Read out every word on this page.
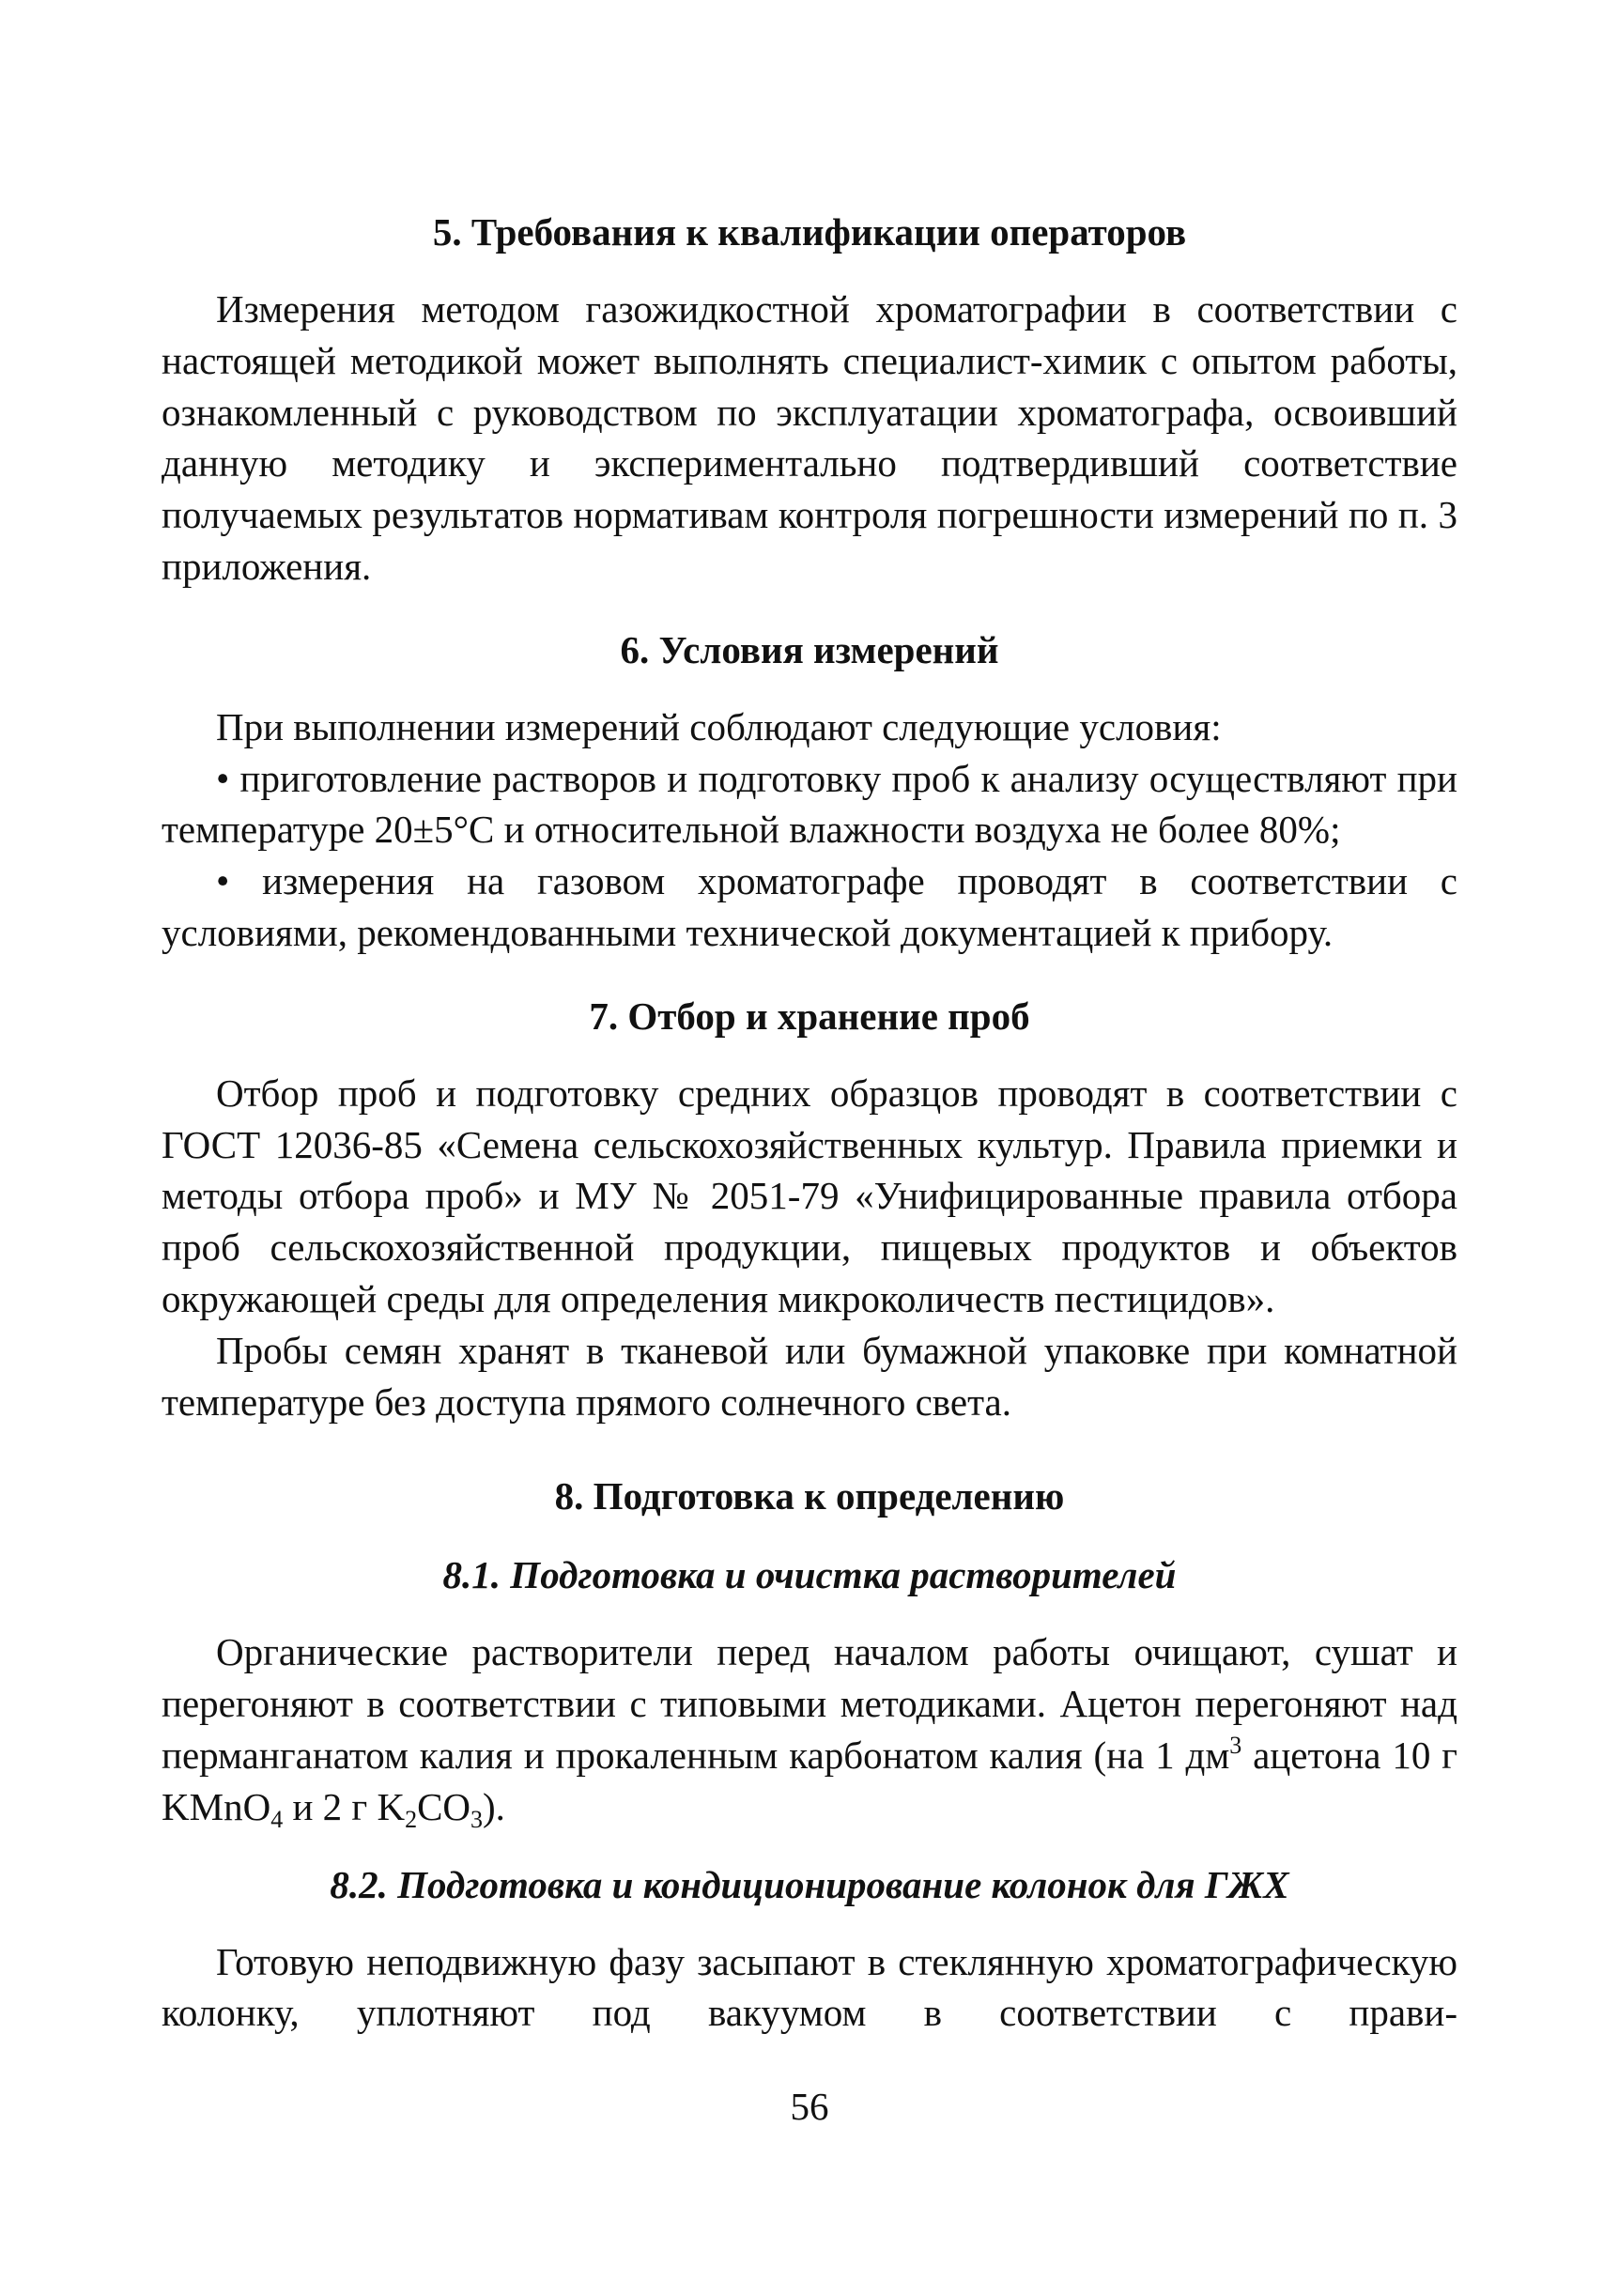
5. Требования к квалификации операторов

Измерения методом газожидкостной хроматографии в соответствии с настоящей методикой может выполнять специалист-химик с опытом работы, ознакомленный с руководством по эксплуатации хроматографа, освоивший данную методику и экспериментально подтвердивший соответствие получаемых результатов нормативам контроля погрешности измерений по п. 3 приложения.

6. Условия измерений

При выполнении измерений соблюдают следующие условия:

• приготовление растворов и подготовку проб к анализу осуществляют при температуре 20±5°С и относительной влажности воздуха не более 80%;

• измерения на газовом хроматографе проводят в соответствии с условиями, рекомендованными технической документацией к прибору.

7. Отбор и хранение проб

Отбор проб и подготовку средних образцов проводят в соответствии с ГОСТ 12036-85 «Семена сельскохозяйственных культур. Правила приемки и методы отбора проб» и МУ № 2051-79 «Унифицированные правила отбора проб сельскохозяйственной продукции, пищевых продуктов и объектов окружающей среды для определения микроколичеств пестицидов».

Пробы семян хранят в тканевой или бумажной упаковке при комнатной температуре без доступа прямого солнечного света.

8. Подготовка к определению
8.1. Подготовка и очистка растворителей

Органические растворители перед началом работы очищают, сушат и перегоняют в соответствии с типовыми методиками. Ацетон перегоняют над перманганатом калия и прокаленным карбонатом калия (на 1 $дм^3$ ацетона 10 г KMnO$_4$ и 2 г $K_2CO_3$).

8.2. Подготовка и кондиционирование колонок для ГЖХ

Готовую неподвижную фазу засыпают в стеклянную хроматографическую колонку, уплотняют под вакуумом в соответствии с прави-

56
